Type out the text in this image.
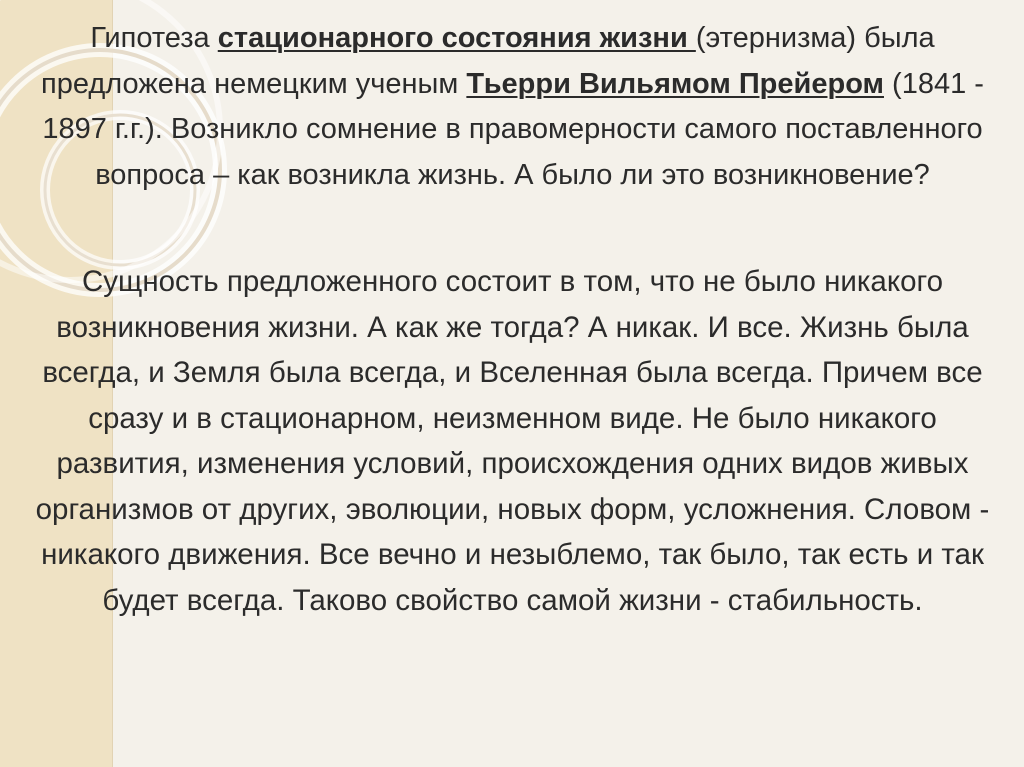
Гипотеза стационарного состояния жизни (этернизма) была предложена немецким ученым Тьерри Вильямом Прейером (1841 - 1897 г.г.). Возникло сомнение в правомерности самого поставленного вопроса – как возникла жизнь. А было ли это возникновение?

Сущность предложенного состоит в том, что не было никакого возникновения жизни. А как же тогда? А никак. И все. Жизнь была всегда, и Земля была всегда, и Вселенная была всегда. Причем все сразу и в стационарном, неизменном виде. Не было никакого развития, изменения условий, происхождения одних видов живых организмов от других, эволюции, новых форм, усложнения. Словом - никакого движения. Все вечно и незыблемо, так было, так есть и так будет всегда. Таково свойство самой жизни - стабильность.
